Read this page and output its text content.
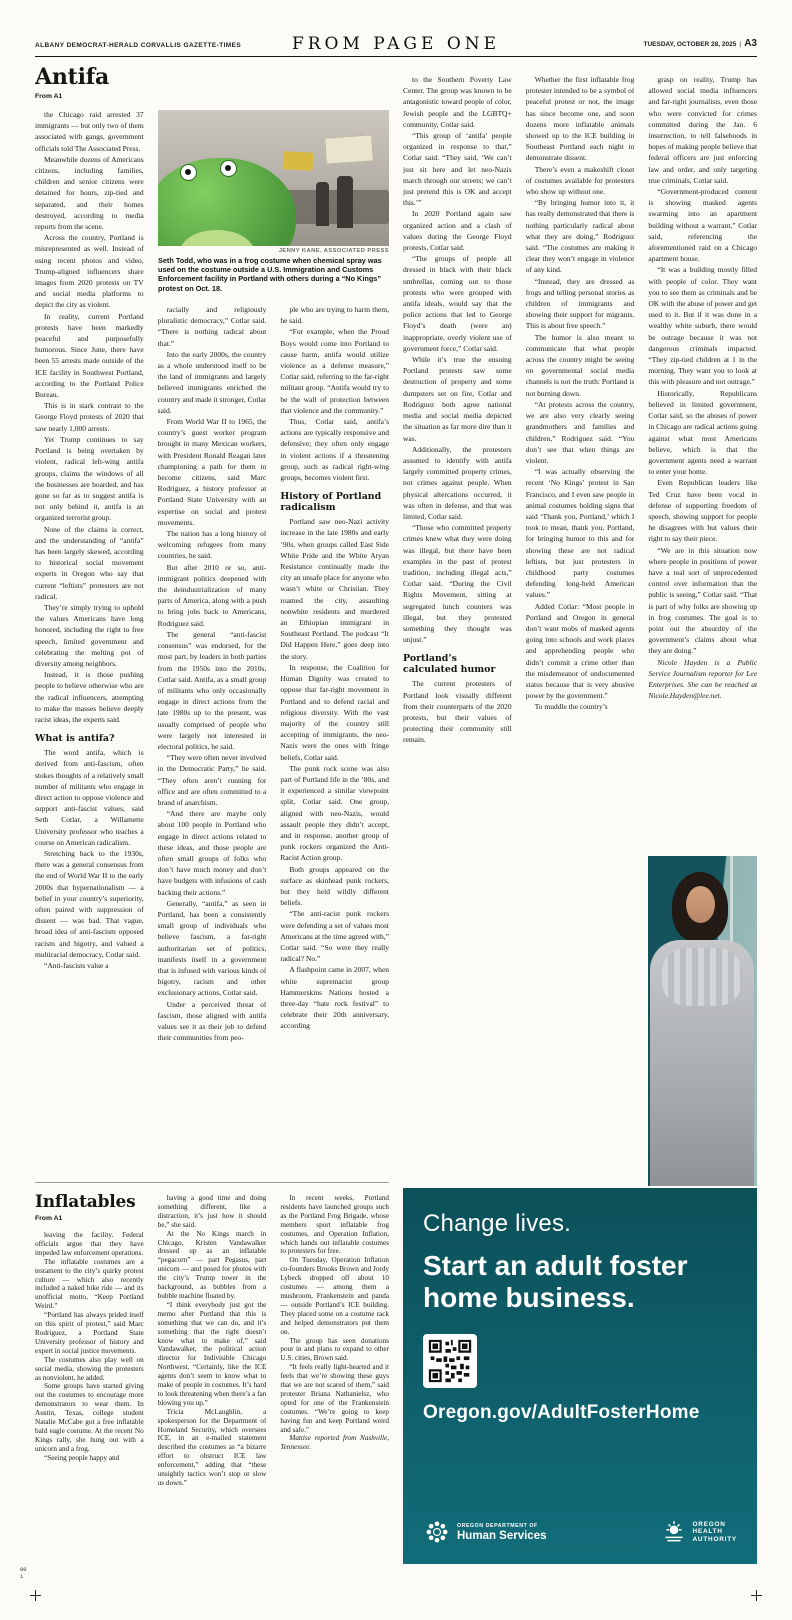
ALBANY DEMOCRAT-HERALD CORVALLIS GAZETTE-TIMES	FROM PAGE ONE	TUESDAY, OCTOBER 28, 2025 | A3
Antifa
From A1

the Chicago raid arrested 37 immigrants — but only two of them associated with gangs, government officials told The Associated Press.

Meanwhile dozens of Americans citizens, including families, children and senior citizens were detained for hours, zip-tied and separated, and their homes destroyed, according to media reports from the scene.

Across the country, Portland is misrepresented as well. Instead of using recent photos and video, Trump-aligned influencers share images from 2020 protests on TV and social media platforms to depict the city as violent.

In reality, current Portland protests have been markedly peaceful and purposefully humorous. Since June, there have been 55 arrests made outside of the ICE facility in Southwest Portland, according to the Portland Police Bureau.

This is in stark contrast to the George Floyd protests of 2020 that saw nearly 1,000 arrests.

Yet Trump continues to say Portland is being overtaken by violent, radical left-wing antifa groups, claims the windows of all the businesses are boarded, and has gone so far as to suggest antifa is not only behind it, antifa is an organized terrorist group.

None of the claims is correct, and the understanding of “antifa” has been largely skewed, according to historical social movement experts in Oregon who say that current “leftists” protesters are not radical.

They’re simply trying to uphold the values Americans have long honored, including the right to free speech, limited government and celebrating the melting pot of diversity among neighbors.

Instead, it is those pushing people to believe otherwise who are the radical influencers, attempting to make the masses believe deeply racist ideas, the experts said.

What is antifa?

The word antifa, which is derived from anti-fascism, often stokes thoughts of a relatively small number of militants who engage in direct action to oppose violence and support anti-fascist values, said Seth Cotlar, a Willamette University professor who teaches a course on American radicalism.

Stretching back to the 1930s, there was a general consensus from the end of World War II to the early 2000s that hypernationalism — a belief in your country’s superiority, often paired with suppression of dissent — was bad. That vague, broad idea of anti-fascism opposed racism and bigotry, and valued a multiracial democracy, Cotlar said.

“Anti-fascists value a

racially and religiously pluralistic democracy,” Cotlar said. “There is nothing radical about that.”

Into the early 2000s, the country as a whole understood itself to be the land of immigrants and largely believed immigrants enriched the country and made it stronger, Cotlar said.

From World War II to 1965, the country’s guest worker program brought in many Mexican workers, with President Ronald Reagan later championing a path for them to become citizens, said Marc Rodriguez, a history professor at Portland State University with an expertise on social and protest movements.

The nation has a long history of welcoming refugees from many countries, he said.

But after 2010 or so, anti-immigrant politics deepened with the deindustrialization of many parts of America, along with a push to bring jobs back to Americans, Rodriguez said.

The general “anti-fascist consensus” was endorsed, for the most part, by leaders in both parties from the 1950s into the 2010s, Cotlar said. Antifa, as a small group of militants who only occasionally engage in direct actions from the late 1980s up to the present, was usually comprised of people who were largely not interested in electoral politics, he said.

“They were often never involved in the Democratic Party,” he said. “They often aren’t running for office and are often committed to a brand of anarchism.

“And there are maybe only about 100 people in Portland who engage in direct actions related to these ideas, and those people are often small groups of folks who don’t have much money and don’t have budgets with infusions of cash backing their actions.”

Generally, “antifa,” as seen in Portland, has been a consistently small group of individuals who believe fascism, a far-right authoritarian set of politics, manifests itself in a government that is infused with various kinds of bigotry, racism and other exclusionary actions, Cotlar said.

Under a perceived threat of fascism, those aligned with antifa values see it as their job to defend their communities from peo-

ple who are trying to harm them, he said.

“For example, when the Proud Boys would come into Portland to cause harm, antifa would utilize violence as a defense measure,” Cotlar said, referring to the far-right militant group. “Antifa would try to be the wall of protection between that violence and the community.”

Thus, Cotlar said, antifa’s actions are typically responsive and defensive; they often only engage in violent actions if a threatening group, such as radical right-wing groups, becomes violent first.

History of Portland radicalism

Portland saw neo-Nazi activity increase in the late 1980s and early ’90s, when groups called East Side White Pride and the White Aryan Resistance continually made the city an unsafe place for anyone who wasn’t white or Christian. They roamed the city, assaulting nonwhite residents and murdered an Ethiopian immigrant in Southeast Portland. The podcast “It Did Happen Here,” goes deep into the story.

In response, the Coalition for Human Dignity was created to oppose that far-right movement in Portland and to defend racial and religious diversity. With the vast majority of the country still accepting of immigrants, the neo-Nazis were the ones with fringe beliefs, Cotlar said.

The punk rock scene was also part of Portland life in the ’80s, and it experienced a similar viewpoint split, Cotlar said. One group, aligned with neo-Nazis, would assault people they didn’t accept, and in response, another group of punk rockers organized the Anti-Racist Action group.

Both groups appeared on the surface as skinhead punk rockers, but they held wildly different beliefs.

“The anti-racist punk rockers were defending a set of values most Americans at the time agreed with,” Cotlar said. “So were they really radical? No.”

A flashpoint came in 2007, when white supremacist group Hammerskins Nations hosted a three-day “hate rock festival” to celebrate their 20th anniversary, according

to the Southern Poverty Law Center. The group was known to be antagonistic toward people of color, Jewish people and the LGBTQ+ community, Cotlar said.

“This group of ‘antifa’ people organized in response to that,” Cotlar said. “They said, ‘We can’t just sit here and let neo-Nazis march through our streets; we can’t just pretend this is OK and accept this.’”

In 2020 Portland again saw organized action and a clash of values during the George Floyd protests, Cotlar said.

“The groups of people all dressed in black with their black umbrellas, coming out to those protests who were grouped with antifa ideals, would say that the police actions that led to George Floyd’s death (were an) inappropriate, overly violent use of government force,” Cotlar said.

While it’s true the ensuing Portland protests saw some destruction of property and some dumpsters set on fire, Cotlar and Rodriguez both agree national media and social media depicted the situation as far more dire than it was.

Additionally, the protesters assumed to identify with antifa largely committed property crimes, not crimes against people. When physical altercations occurred, it was often in defense, and that was limited, Cotlar said.

“Those who committed property crimes knew what they were doing was illegal, but there have been examples in the past of protest tradition, including illegal acts,” Cotlar said. “During the Civil Rights Movement, sitting at segregated lunch counters was illegal, but they protested something they thought was unjust.”

Portland’s calculated humor

The current protesters of Portland look visually different from their counterparts of the 2020 protests, but their values of protecting their community still remain.

Whether the first inflatable frog protester intended to be a symbol of peaceful protest or not, the image has since become one, and soon dozens more inflatable animals showed up to the ICE building in Southeast Portland each night to demonstrate dissent.

There’s even a makeshift closet of costumes available for protesters who show up without one.

“By bringing humor into it, it has really demonstrated that there is nothing particularly radical about what they are doing,” Rodriguez said. “The costumes are making it clear they won’t engage in violence of any kind.

“Instead, they are dressed as frogs and telling personal stories as children of immigrants and showing their support for migrants. This is about free speech.”

The humor is also meant to communicate that what people across the country might be seeing on governmental social media channels is not the truth: Portland is not burning down.

“At protests across the country, we are also very clearly seeing grandmothers and families and children,” Rodriguez said. “You don’t see that when things are violent.

“I was actually observing the recent ‘No Kings’ protest in San Francisco, and I even saw people in animal costumes holding signs that said ‘Thank you, Portland,’ which I took to mean, thank you, Portland, for bringing humor to this and for showing these are not radical leftists, but just protesters in childhood party costumes defending long-held American values.”

Added Cotlar: “Most people in Portland and Oregon in general don’t want mobs of masked agents going into schools and work places and apprehending people who didn’t commit a crime other than the misdemeanor of undocumented status because that is very abusive power by the government.”

To muddle the country’s

grasp on reality, Trump has allowed social media influencers and far-right journalists, even those who were convicted for crimes committed during the Jan. 6 insurrection, to tell falsehoods in hopes of making people believe that federal officers are just enforcing law and order, and only targeting true criminals, Cotlar said.

“Government-produced content is showing masked agents swarming into an apartment building without a warrant,” Cotlar said, referencing the aforementioned raid on a Chicago apartment house.

“It was a building mostly filled with people of color. They want you to see them as criminals and be OK with the abuse of power and get used to it. But if it was done in a wealthy white suburb, there would be outrage because it was not dangerous criminals impacted. “They zip-tied children at 1 in the morning. They want you to look at this with pleasure and not outrage.”

Historically, Republicans believed in limited government, Cotlar said, so the abuses of power in Chicago are radical actions going against what most Americans believe, which is that the government agents need a warrant to enter your home.

Even Republican leaders like Ted Cruz have been vocal in defense of supporting freedom of speech, showing support for people he disagrees with but values their right to say their piece.

“We are in this situation now where people in positions of power have a real sort of unprecedented control over information that the public is seeing,” Cotlar said. “That is part of why folks are showing up in frog costumes. The goal is to point out the absurdity of the government’s claims about what they are doing.”

Nicole Hayden is a Public Service Journalism reporter for Lee Enterprises. She can be reached at Nicole.Hayden@lee.net.

JENNY KANE, ASSOCIATED PRESS
Seth Todd, who was in a frog costume when chemical spray was used on the costume outside a U.S. Immigration and Customs Enforcement facility in Portland with others during a “No Kings” protest on Oct. 18.
Inflatables
From A1

leaving the facility. Federal officials argue that they have impeded law enforcement operations.

The inflatable costumes are a testament to the city’s quirky protest culture — which also recently included a naked bike ride — and its unofficial motto, “Keep Portland Weird.”

“Portland has always prided itself on this spirit of protest,” said Marc Rodriguez, a Portland State University professor of history and expert in social justice movements.

The costumes also play well on social media, showing the protesters as nonviolent, he added.

Some groups have started giving out the costumes to encourage more demonstrators to wear them. In Austin, Texas, college student Natalie McCabe got a free inflatable bald eagle costume. At the recent No Kings rally, she hung out with a unicorn and a frog.

“Seeing people happy and

having a good time and doing something different, like a distraction, it’s just how it should be,” she said.

At the No Kings march in Chicago, Kristen Vandawalker dressed up as an inflatable “pegacorn” — part Pegasus, part unicorn — and posed for photos with the city’s Trump tower in the background, as bubbles from a bubble machine floated by.

“I think everybody just got the memo after Portland that this is something that we can do, and it’s something that the right doesn’t know what to make of,” said Vandawalker, the political action director for Indivisible Chicago Northwest. “Certainly, like the ICE agents don’t seem to know what to make of people in costumes. It’s hard to look threatening when there’s a fan blowing you up.”

Tricia McLaughlin, a spokesperson for the Department of Homeland Security, which oversees ICE, in an e-mailed statement described the costumes as “a bizarre effort to obstruct ICE law enforcement,” adding that “these unsightly tactics won’t stop or slow us down.”

In recent weeks, Portland residents have launched groups such as the Portland Frog Brigade, whose members sport inflatable frog costumes, and Operation Inflation, which hands out inflatable costumes to protesters for free.

On Tuesday, Operation Inflation co-founders Brooks Brown and Jordy Lybeck dropped off about 10 costumes — among them a mushroom, Frankenstein and panda — outside Portland’s ICE building. They placed some on a costume rack and helped demonstrators put them on.

The group has seen donations pour in and plans to expand to other U.S. cities, Brown said.

“It feels really light-hearted and it feels that we’re showing these guys that we are not scared of them,” said protester Briana Nathanielsz, who opted for one of the Frankenstein costumes. “We’re going to keep having fun and keep Portland weird and safe.”

Mattise reported from Nashville, Tennessee.

Change lives.
Start an adult foster home business.
Oregon.gov/AdultFosterHome
OREGON DEPARTMENT OF
Human Services
OREGON
HEALTH
AUTHORITY
00
1
